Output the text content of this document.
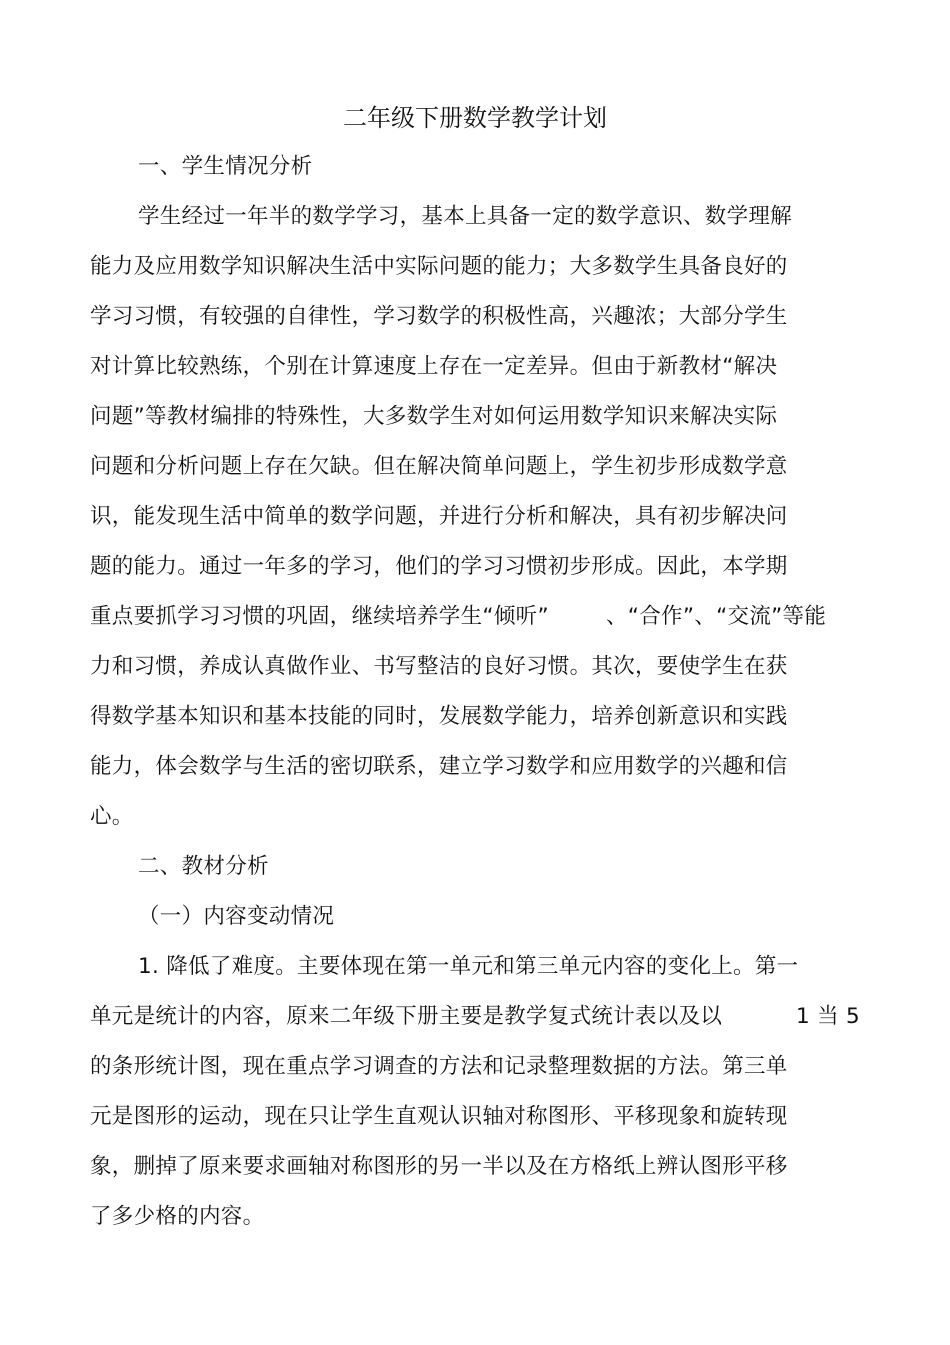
二年级下册数学教学计划
一、学生情况分析
学生经过一年半的数学学习，基本上具备一定的数学意识、数学理解
能力及应用数学知识解决生活中实际问题的能力；大多数学生具备良好的
学习习惯，有较强的自律性，学习数学的积极性高，兴趣浓；大部分学生
对计算比较熟练，个别在计算速度上存在一定差异。但由于新教材“解决
问题”等教材编排的特殊性，大多数学生对如何运用数学知识来解决实际
问题和分析问题上存在欠缺。但在解决简单问题上，学生初步形成数学意
识，能发现生活中简单的数学问题，并进行分析和解决，具有初步解决问
题的能力。通过一年多的学习，他们的学习习惯初步形成。因此，本学期
重点要抓学习习惯的巩固，继续培养学生“倾听”	、“合作”、“交流”等能
力和习惯，养成认真做作业、书写整洁的良好习惯。其次，要使学生在获
得数学基本知识和基本技能的同时，发展数学能力，培养创新意识和实践
能力，体会数学与生活的密切联系，建立学习数学和应用数学的兴趣和信
心。
二、教材分析
（一）内容变动情况
1. 降低了难度。主要体现在第一单元和第三单元内容的变化上。第一
单元是统计的内容，原来二年级下册主要是教学复式统计表以及以	1 当 5
的条形统计图，现在重点学习调查的方法和记录整理数据的方法。第三单
元是图形的运动，现在只让学生直观认识轴对称图形、平移现象和旋转现
象，删掉了原来要求画轴对称图形的另一半以及在方格纸上辨认图形平移
了多少格的内容。
